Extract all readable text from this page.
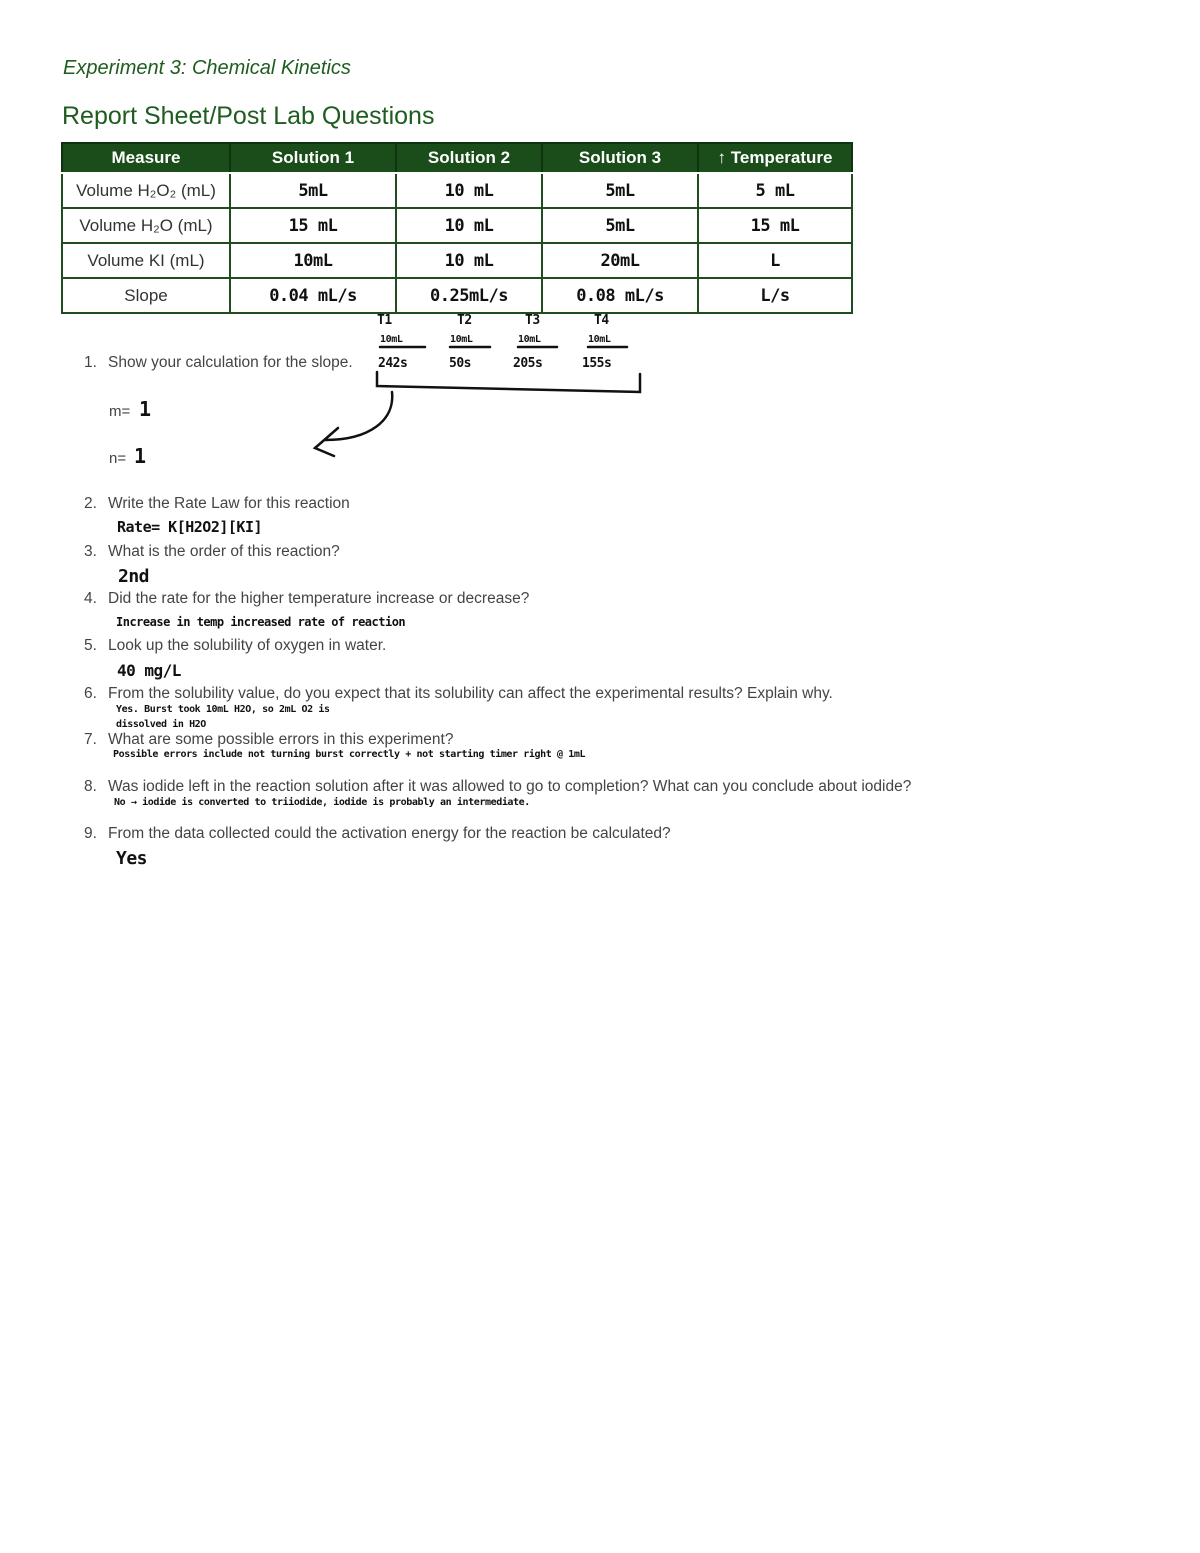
Experiment 3: Chemical Kinetics
Report Sheet/Post Lab Questions
Measure	Solution 1	Solution 2	Solution 3	↑ Temperature
Volume H₂O₂ (mL)	5mL	10 mL	5mL	5 mL
Volume H₂O (mL)	15 mL	10 mL	5mL	15 mL
Volume KI (mL)	10mL	10 mL	20mL	L
Slope	0.04 mL/s	0.25mL/s	0.08 mL/s	L/s
T1	T2	T3	T4
10mL	10mL	10mL	10mL
242s	50s	205s	155s
1. Show your calculation for the slope.
m= 1
n= 1
2. Write the Rate Law for this reaction
Rate= K[H2O2][KI]
3. What is the order of this reaction?
2nd
4. Did the rate for the higher temperature increase or decrease?
Increase in temp increased rate of reaction
5. Look up the solubility of oxygen in water.
40 mg/L
6. From the solubility value, do you expect that its solubility can affect the experimental results? Explain why.
Yes. Burst took 10mL H2O, so 2mL O2 is
dissolved in H2O
7. What are some possible errors in this experiment?
Possible errors include not turning burst correctly + not starting timer right @ 1mL
8. Was iodide left in the reaction solution after it was allowed to go to completion? What can you conclude about iodide?
No → iodide is converted to triiodide, iodide is probably an intermediate.
9. From the data collected could the activation energy for the reaction be calculated?
Yes
